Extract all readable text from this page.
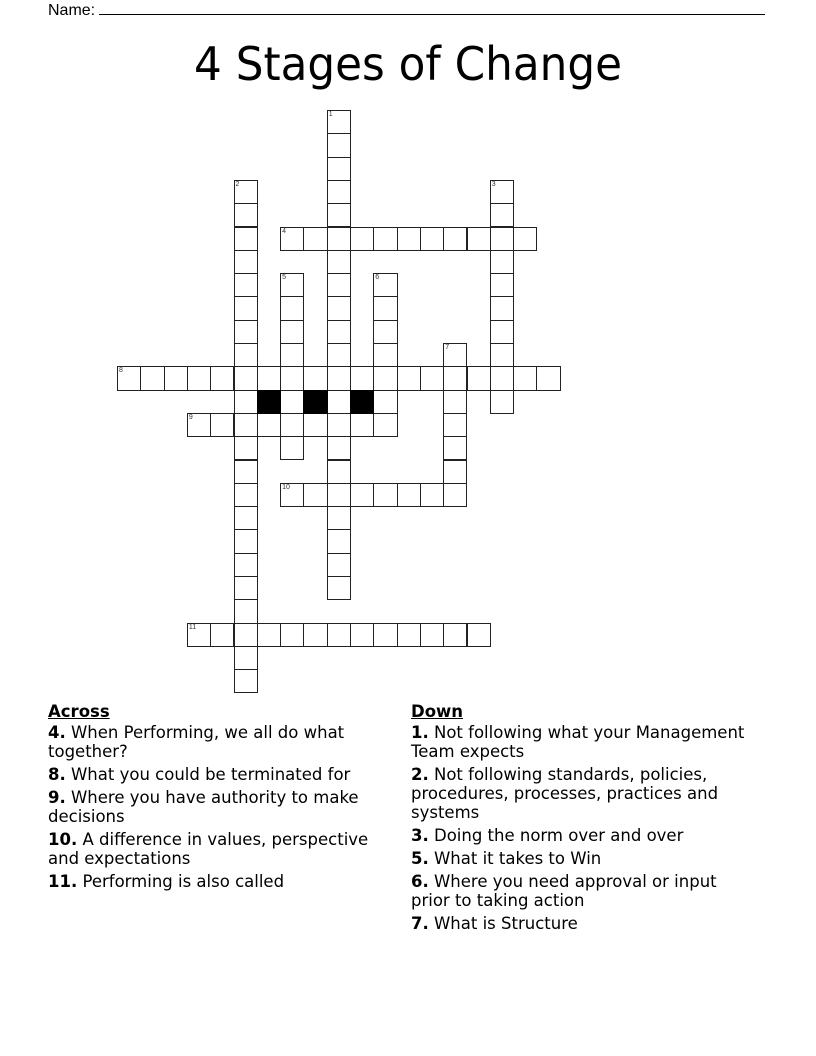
Name:
4 Stages of Change
1
2	3
4
5	6
7
8
9
10
11
Across
4. When Performing, we all do what together?
8. What you could be terminated for
9. Where you have authority to make decisions
10. A difference in values, perspective and expectations
11. Performing is also called
Down
1. Not following what your Management Team expects
2. Not following standards, policies, procedures, processes, practices and systems
3. Doing the norm over and over
5. What it takes to Win
6. Where you need approval or input prior to taking action
7. What is Structure
